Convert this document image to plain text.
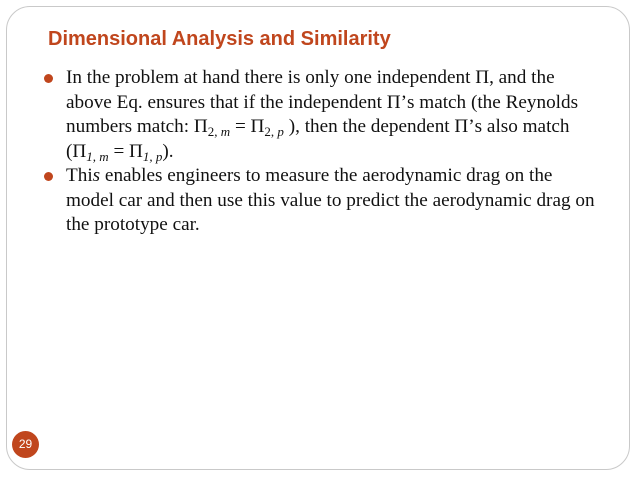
Dimensional Analysis and Similarity
In the problem at hand there is only one independent Π, and the above Eq. ensures that if the independent Π’s match (the Reynolds numbers match: $\Pi_{2, m} = \Pi_{2, p}$ ), then the dependent Π’s also match $(\Pi_{1, m} = \Pi_{1, p})$.
This enables engineers to measure the aerodynamic drag on the model car and then use this value to predict the aerodynamic drag on the prototype car.
29
